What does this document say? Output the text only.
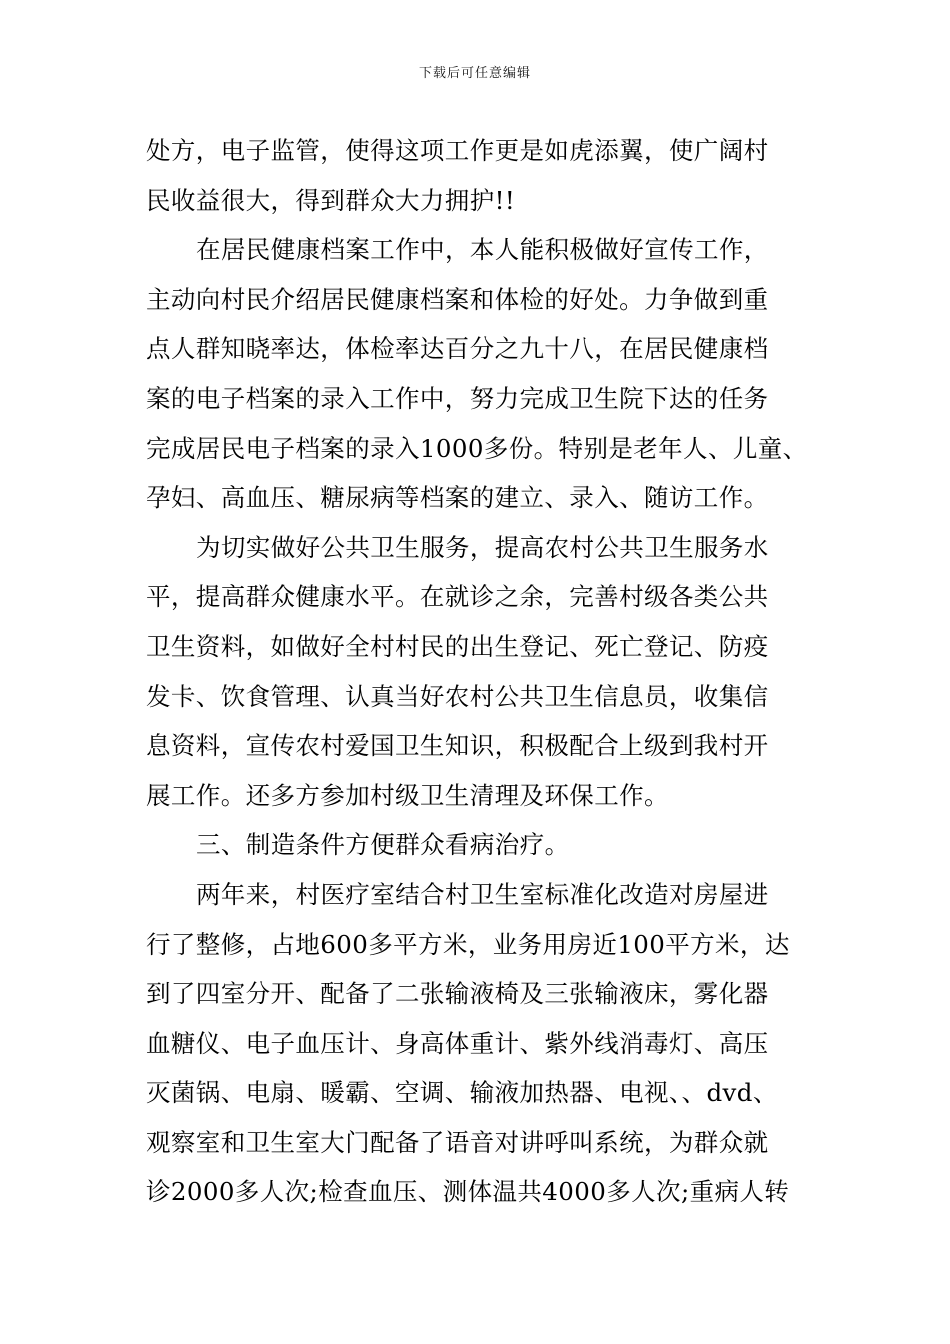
下载后可任意编辑
处方，电子监管，使得这项工作更是如虎添翼，使广阔村
民收益很大，得到群众大力拥护!!
在居民健康档案工作中，本人能积极做好宣传工作，
主动向村民介绍居民健康档案和体检的好处。力争做到重
点人群知晓率达，体检率达百分之九十八，在居民健康档
案的电子档案的录入工作中，努力完成卫生院下达的任务
完成居民电子档案的录入1000多份。特别是老年人、儿童、
孕妇、高血压、糖尿病等档案的建立、录入、随访工作。
为切实做好公共卫生服务，提高农村公共卫生服务水
平，提高群众健康水平。在就诊之余，完善村级各类公共
卫生资料，如做好全村村民的出生登记、死亡登记、防疫
发卡、饮食管理、认真当好农村公共卫生信息员，收集信
息资料，宣传农村爱国卫生知识，积极配合上级到我村开
展工作。还多方参加村级卫生清理及环保工作。
三、制造条件方便群众看病治疗。
两年来，村医疗室结合村卫生室标准化改造对房屋进
行了整修，占地600多平方米，业务用房近100平方米，达
到了四室分开、配备了二张输液椅及三张输液床，雾化器
血糖仪、电子血压计、身高体重计、紫外线消毒灯、高压
灭菌锅、电扇、暖霸、空调、输液加热器、电视、、dvd、
观察室和卫生室大门配备了语音对讲呼叫系统，为群众就
诊2000多人次;检查血压、测体温共4000多人次;重病人转
